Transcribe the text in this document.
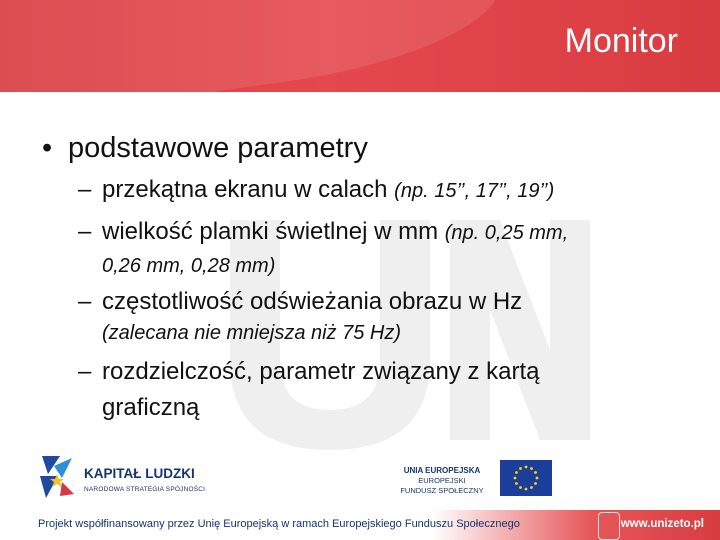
Monitor
• podstawowe parametry
– przekątna ekranu w calach (np. 15’’, 17’’, 19’’)
– wielkość plamki świetlnej w mm (np. 0,25 mm,
0,26 mm, 0,28 mm)
– częstotliwość odświeżania obrazu w Hz
(zalecana nie mniejsza niż 75 Hz)
– rozdzielczość, parametr związany z kartą
graficzną
KAPITAŁ LUDZKI
NARODOWA STRATEGIA SPÓJNOŚCI
UNIA EUROPEJSKA
EUROPEJSKI
FUNDUSZ SPOŁECZNY
Projekt współfinansowany przez Unię Europejską w ramach Europejskiego Funduszu Społecznego	www.unizeto.pl
